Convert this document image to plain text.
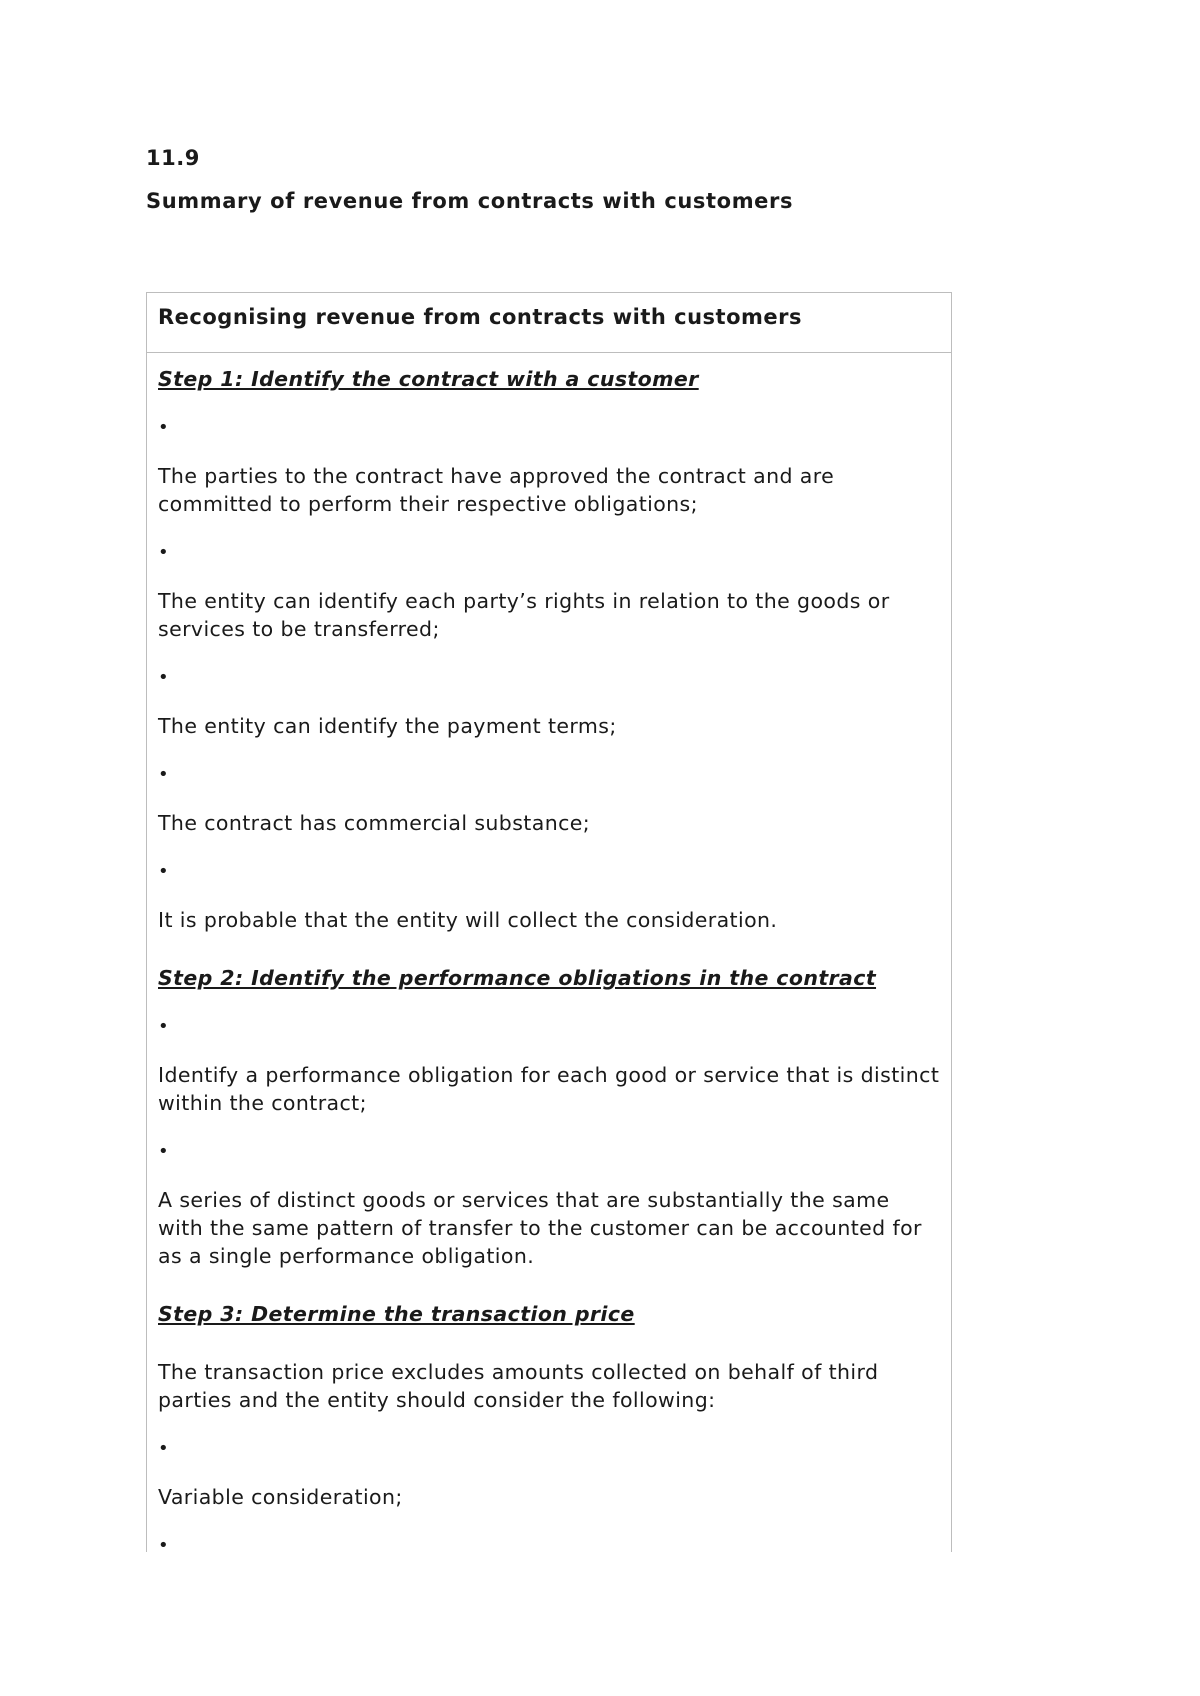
11.9

Summary of revenue from contracts with customers

Recognising revenue from contracts with customers
Step 1: Identify the contract with a customer
•
The parties to the contract have approved the contract and are committed to perform their respective obligations;
•
The entity can identify each party’s rights in relation to the goods or services to be transferred;
•
The entity can identify the payment terms;
•
The contract has commercial substance;
•
It is probable that the entity will collect the consideration.
Step 2: Identify the performance obligations in the contract
•
Identify a performance obligation for each good or service that is distinct within the contract;
•
A series of distinct goods or services that are substantially the same with the same pattern of transfer to the customer can be accounted for as a single performance obligation.
Step 3: Determine the transaction price
The transaction price excludes amounts collected on behalf of third parties and the entity should consider the following:
•
Variable consideration;
•
